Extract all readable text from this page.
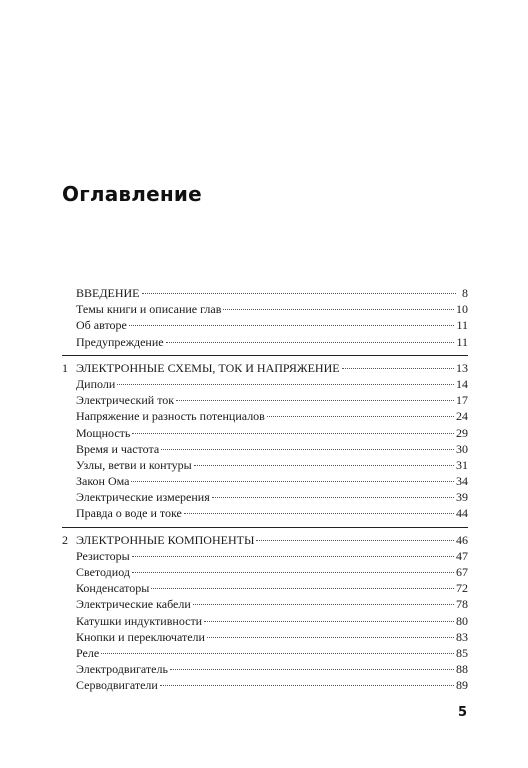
Оглавление
ВВЕДЕНИЕ	8
Темы книги и описание глав	10
Об авторе	11
Предупреждение	11
1 ЭЛЕКТРОННЫЕ СХЕМЫ, ТОК И НАПРЯЖЕНИЕ	13
Диполи	14
Электрический ток	17
Напряжение и разность потенциалов	24
Мощность	29
Время и частота	30
Узлы, ветви и контуры	31
Закон Ома	34
Электрические измерения	39
Правда о воде и токе	44
2 ЭЛЕКТРОННЫЕ КОМПОНЕНТЫ	46
Резисторы	47
Светодиод	67
Конденсаторы	72
Электрические кабели	78
Катушки индуктивности	80
Кнопки и переключатели	83
Реле	85
Электродвигатель	88
Серводвигатели	89
5
